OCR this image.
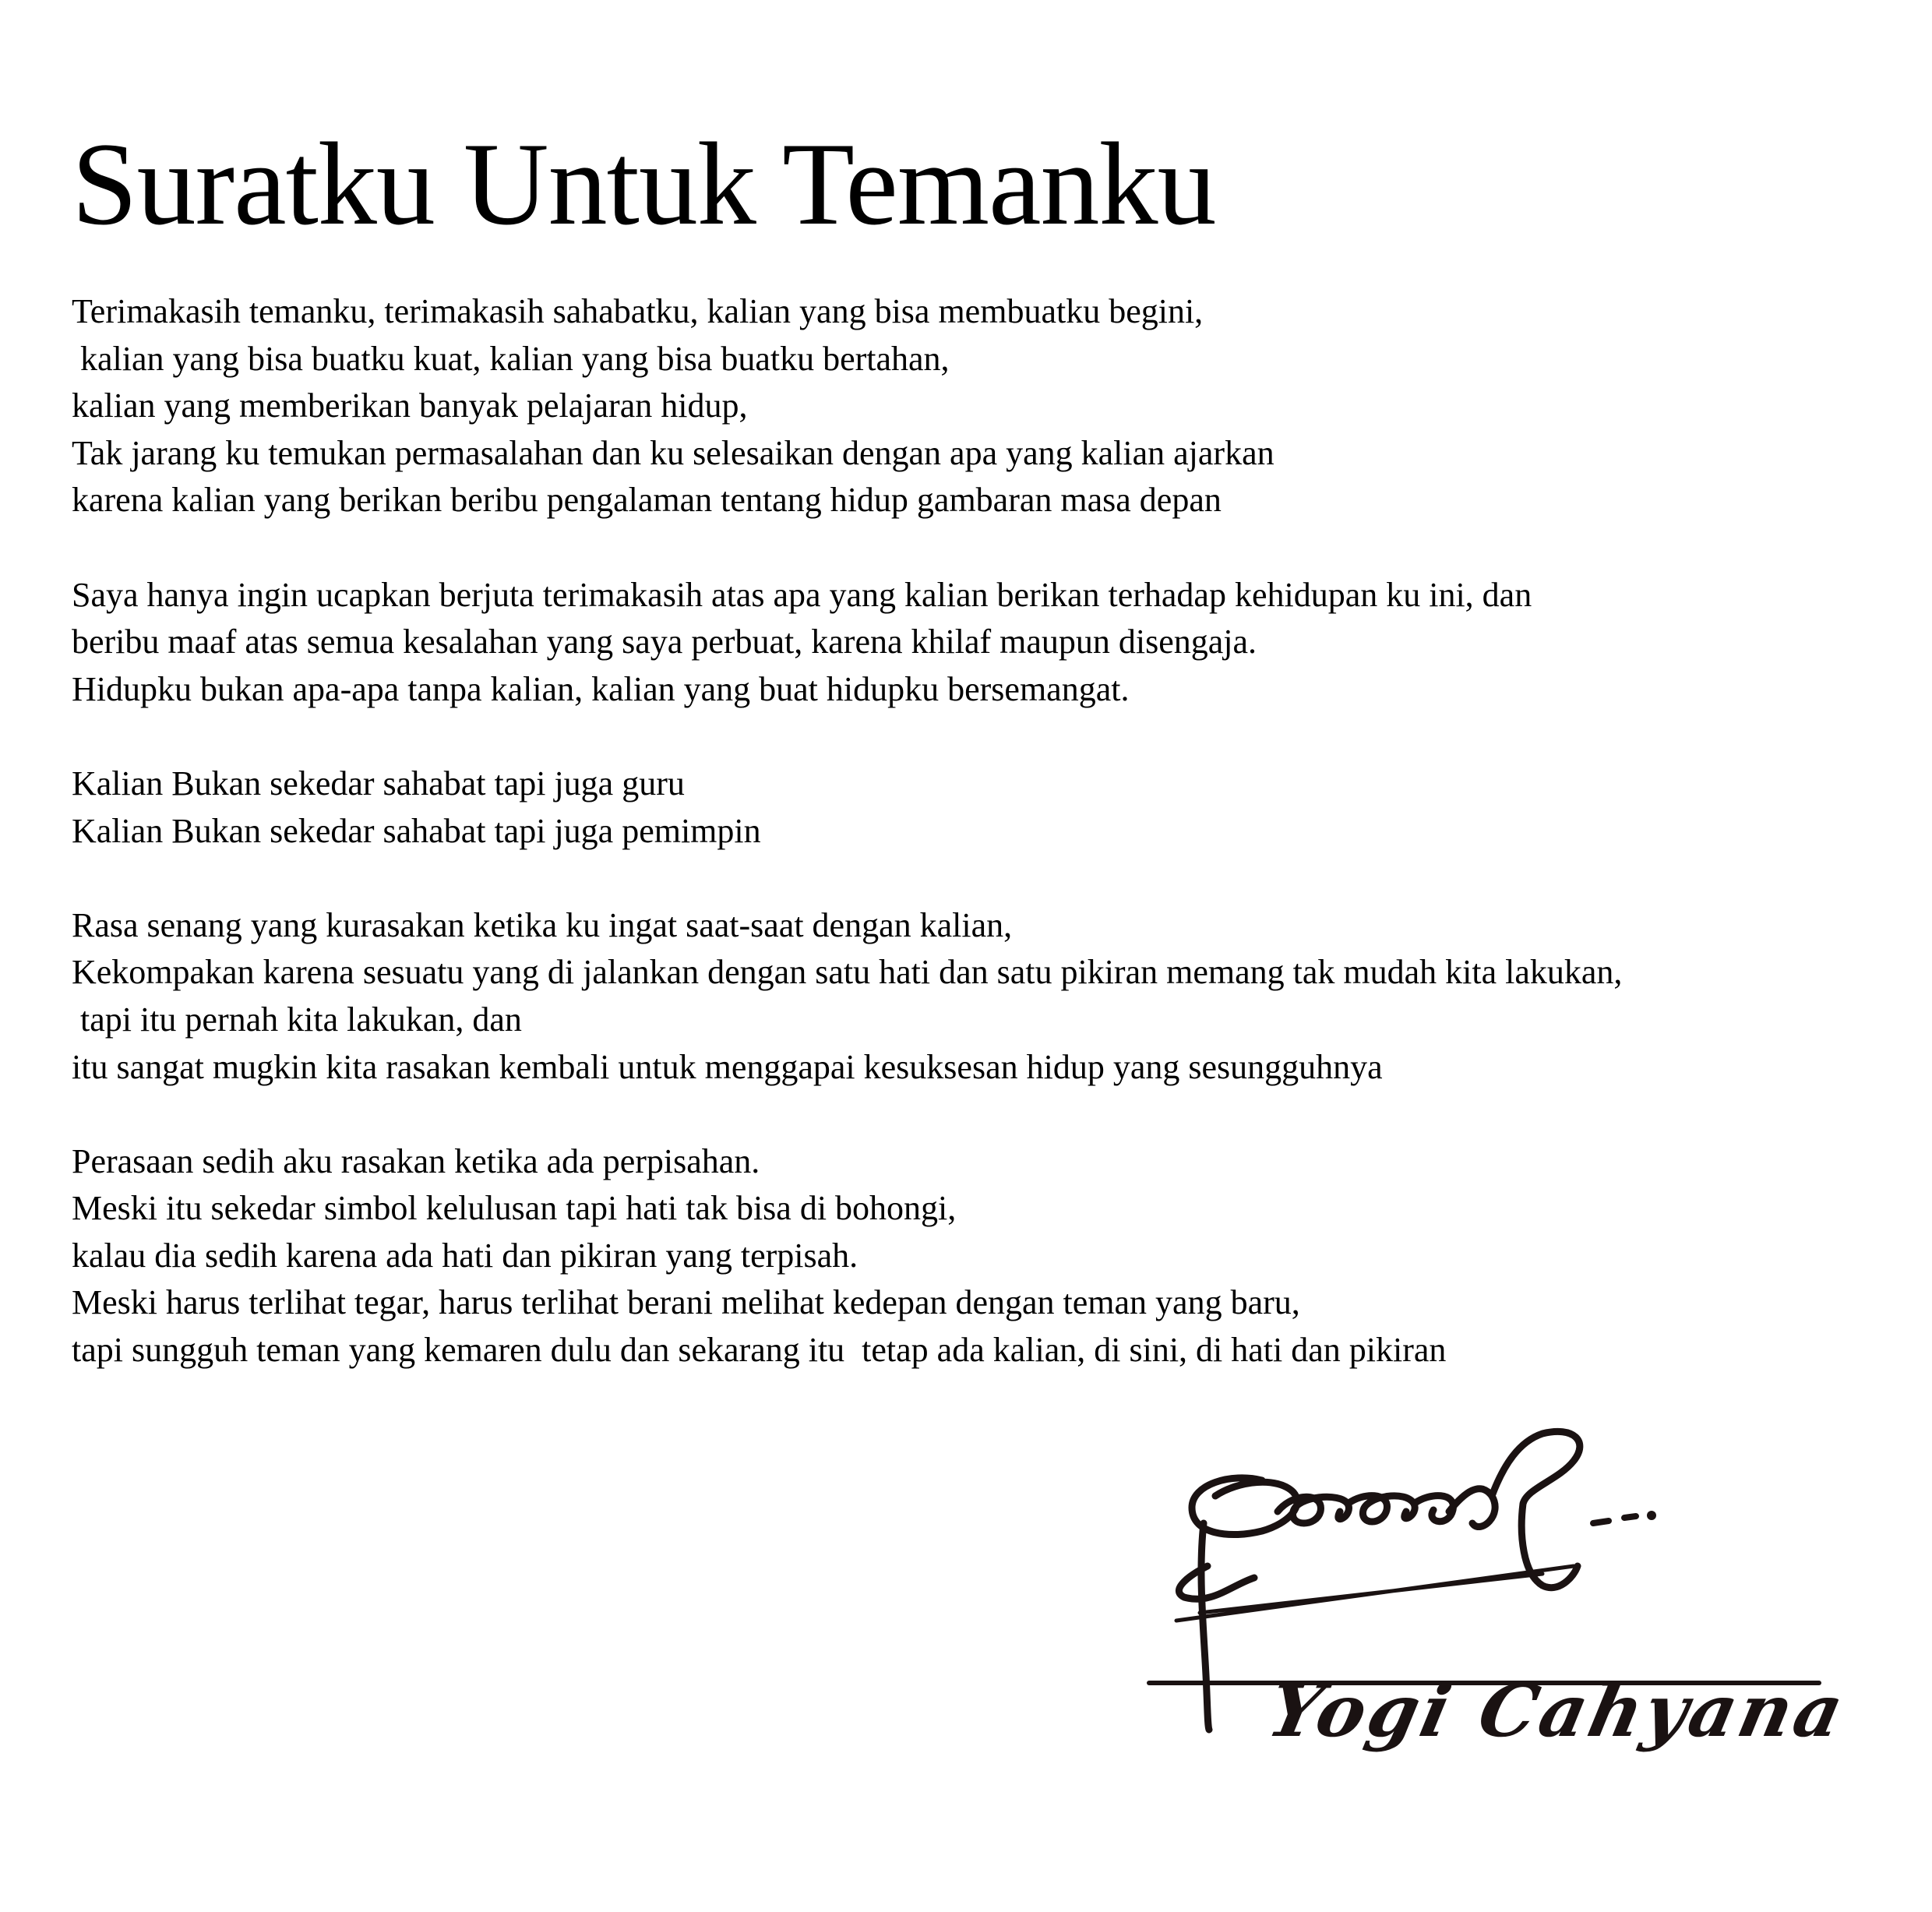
Suratku Untuk Temanku

Terimakasih temanku, terimakasih sahabatku, kalian yang bisa membuatku begini,
kalian yang bisa buatku kuat, kalian yang bisa buatku bertahan,
kalian yang memberikan banyak pelajaran hidup,
Tak jarang ku temukan permasalahan dan ku selesaikan dengan apa yang kalian ajarkan
karena kalian yang berikan beribu pengalaman tentang hidup gambaran masa depan

Saya hanya ingin ucapkan berjuta terimakasih atas apa yang kalian berikan terhadap kehidupan ku ini, dan
beribu maaf atas semua kesalahan yang saya perbuat, karena khilaf maupun disengaja.
Hidupku bukan apa-apa tanpa kalian, kalian yang buat hidupku bersemangat.

Kalian Bukan sekedar sahabat tapi juga guru
Kalian Bukan sekedar sahabat tapi juga pemimpin

Rasa senang yang kurasakan ketika ku ingat saat-saat dengan kalian,
Kekompakan karena sesuatu yang di jalankan dengan satu hati dan satu pikiran memang tak mudah kita lakukan,
tapi itu pernah kita lakukan, dan
itu sangat mugkin kita rasakan kembali untuk menggapai kesuksesan hidup yang sesungguhnya

Perasaan sedih aku rasakan ketika ada perpisahan.
Meski itu sekedar simbol kelulusan tapi hati tak bisa di bohongi,
kalau dia sedih karena ada hati dan pikiran yang terpisah.
Meski harus terlihat tegar, harus terlihat berani melihat kedepan dengan teman yang baru,
tapi sungguh teman yang kemaren dulu dan sekarang itu  tetap ada kalian, di sini, di hati dan pikiran

Yogi Cahyana
